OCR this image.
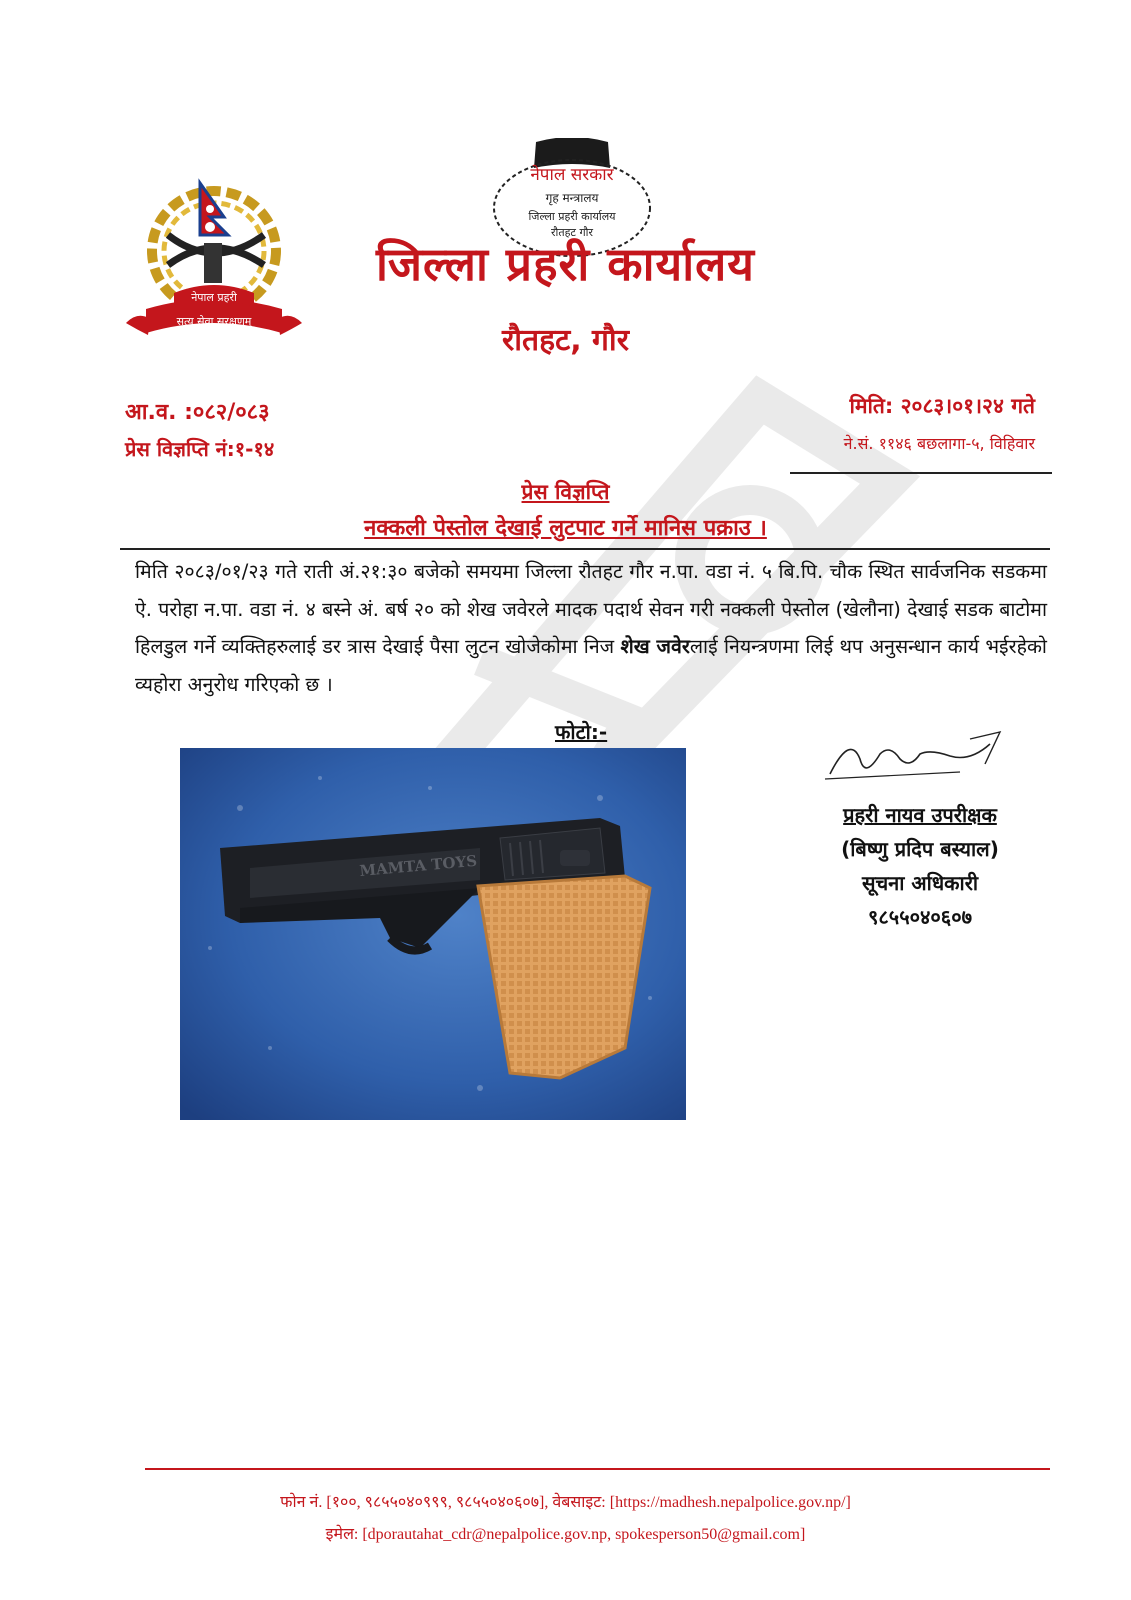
नेपाल प्रहरी
सत्य सेवा सुरक्षणम्
नेपाल सरकार
गृह मन्त्रालय
जिल्ला प्रहरी कार्यालय
रौतहट गौर
जिल्ला प्रहरी कार्यालय
रौतहट, गौर
आ.व. :०८२/०८३
प्रेस विज्ञप्ति नं:१-१४
मिति: २०८३।०१।२४ गते
ने.सं. ११४६ बछलागा-५, विहिवार
प्रेस विज्ञप्ति
नक्कली पेस्तोल देखाई लुटपाट गर्ने मानिस पक्राउ ।
मिति २०८३/०१/२३ गते राती अं.२१:३० बजेको समयमा जिल्ला रौतहट गौर न.पा. वडा नं. ५ बि.पि. चौक स्थित सार्वजनिक सडकमा ऐ. परोहा न.पा. वडा नं. ४ बस्ने अं. बर्ष २० को शेख जवेरले मादक पदार्थ सेवन गरी नक्कली पेस्तोल (खेलौना) देखाई सडक बाटोमा हिलडुल गर्ने व्यक्तिहरुलाई डर त्रास देखाई पैसा लुटन खोजेकोमा निज शेख जवेरलाई नियन्त्रणमा लिई थप अनुसन्धान कार्य भईरहेको व्यहोरा अनुरोध गरिएको छ ।
फोटो:-
MAMTA TOYS
प्रहरी नायव उपरीक्षक
(बिष्णु प्रदिप बस्याल)
सूचना अधिकारी
९८५५०४०६०७
फोन नं. [१००, ९८५५०४०९९९, ९८५५०४०६०७], वेबसाइट: [https://madhesh.nepalpolice.gov.np/]
इमेल: [dporautahat_cdr@nepalpolice.gov.np, spokesperson50@gmail.com]
